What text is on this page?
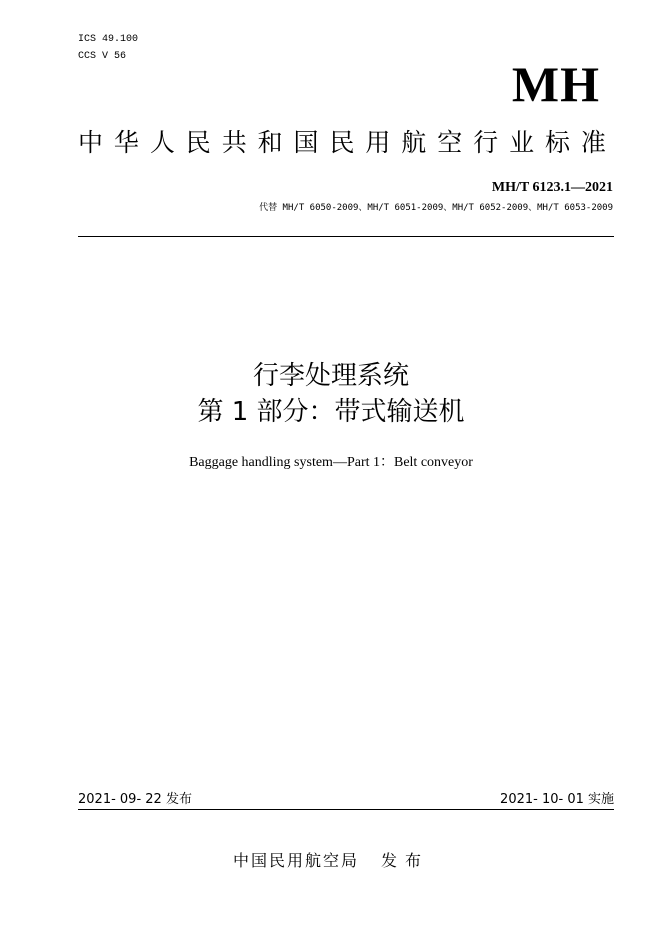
ICS 49.100
CCS V 56	MH
中 华 人 民 共 和 国 民 用 航 空 行 业 标 准
MH/T 6123.1—2021
代替 MH/T 6050-2009、MH/T 6051-2009、MH/T 6052-2009、MH/T 6053-2009
行李处理系统
第 1 部分：带式输送机
Baggage handling system—Part 1：Belt conveyor
2021- 09- 22 发布	2021- 10- 01 实施
中国民用航空局 发布
